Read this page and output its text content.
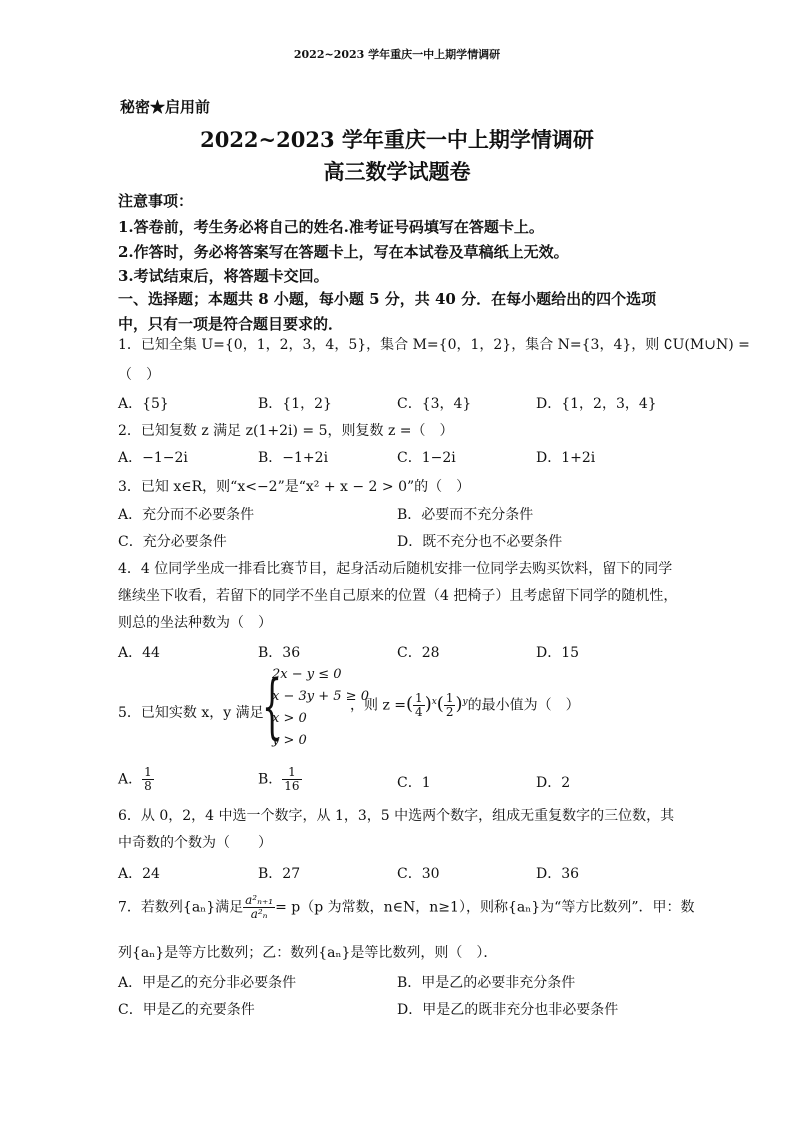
2022~2023 学年重庆一中上期学情调研
秘密★启用前
2022~2023 学年重庆一中上期学情调研
高三数学试题卷
注意事项：
1.答卷前，考生务必将自己的姓名.准考证号码填写在答题卡上。
2.作答时，务必将答案写在答题卡上，写在本试卷及草稿纸上无效。
3.考试结束后，将答题卡交回。
一、选择题；本题共 8 小题，每小题 5 分，共 40 分．在每小题给出的四个选项中，只有一项是符合题目要求的．
1．已知全集 U={0，1，2，3，4，5}，集合 M={0，1，2}，集合 N={3，4}，则 ∁U(M∪N) =
（　）
A．{5}	B．{1，2}	C．{3，4}	D．{1，2，3，4}
2．已知复数 z 满足 z(1+2i) = 5，则复数 z =（　）
A．−1−2i	B．−1+2i	C．1−2i	D．1+2i
3．已知 x∈R，则“x<−2”是“x² + x − 2 > 0”的（　）
A．充分而不必要条件	B．必要而不充分条件
C．充分必要条件	D．既不充分也不必要条件
4．4 位同学坐成一排看比赛节目，起身活动后随机安排一位同学去购买饮料，留下的同学继续坐下收看，若留下的同学不坐自己原来的位置（4 把椅子）且考虑留下同学的随机性，则总的坐法种数为（　）
A．44	B．36	C．28	D．15
5．已知实数 x，y 满足
{
2x − y ≤ 0
x − 3y + 5 ≥ 0
x > 0
y > 0
，则 z =( $\frac{1}{4} )^x( \frac{1}{2} )^y$的最小值为（　）
A． $\frac{1}{8}$	B． $\frac{1}{16}$	C．1	D．2
6．从 0，2，4 中选一个数字，从 1，3，5 中选两个数字，组成无重复数字的三位数，其中奇数的个数为（　　）
A．24	B．27	C．30	D．36
7．若数列{aₙ}满足 $\frac{\text{a²ₙ₊₁}}{\text{a²ₙ}} = p(p$ 为常数，n∈N，n≥1），则称{aₙ}为“等方比数列”．甲：数
列{aₙ}是等方比数列；乙：数列{aₙ}是等比数列，则（　）．
A．甲是乙的充分非必要条件	B．甲是乙的必要非充分条件
C．甲是乙的充要条件	D．甲是乙的既非充分也非必要条件
